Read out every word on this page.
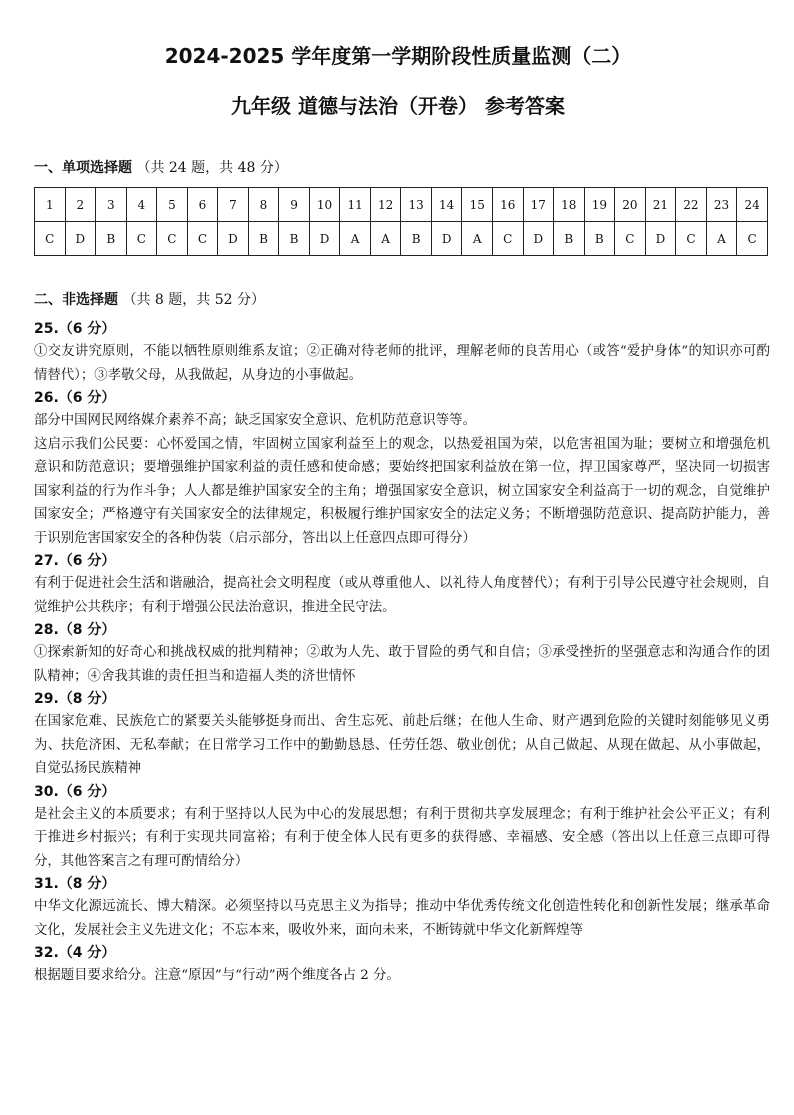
2024-2025 学年度第一学期阶段性质量监测（二）
九年级 道德与法治（开卷） 参考答案
一、单项选择题 （共 24 题，共 48 分）
1	2	3	4	5	6	7	8	9	10	11	12	13	14	15	16	17	18	19	20	21	22	23	24
C	D	B	C	C	C	D	B	B	D	A	A	B	D	A	C	D	B	B	C	D	C	A	C
二、非选择题 （共 8 题，共 52 分）
25.（6 分）

①交友讲究原则，不能以牺牲原则维系友谊；②正确对待老师的批评，理解老师的良苦用心（或答“爱护身体”的知识亦可酌情替代）；③孝敬父母，从我做起，从身边的小事做起。

26.（6 分）

部分中国网民网络媒介素养不高；缺乏国家安全意识、危机防范意识等等。

这启示我们公民要：心怀爱国之情，牢固树立国家利益至上的观念，以热爱祖国为荣，以危害祖国为耻；要树立和增强危机意识和防范意识；要增强维护国家利益的责任感和使命感；要始终把国家利益放在第一位，捍卫国家尊严，坚决同一切损害国家利益的行为作斗争；人人都是维护国家安全的主角；增强国家安全意识，树立国家安全利益高于一切的观念，自觉维护国家安全；严格遵守有关国家安全的法律规定，积极履行维护国家安全的法定义务；不断增强防范意识、提高防护能力，善于识别危害国家安全的各种伪装（启示部分，答出以上任意四点即可得分）

27.（6 分）

有利于促进社会生活和谐融洽，提高社会文明程度（或从尊重他人、以礼待人角度替代）；有利于引导公民遵守社会规则，自觉维护公共秩序；有利于增强公民法治意识，推进全民守法。

28.（8 分）

①探索新知的好奇心和挑战权威的批判精神；②敢为人先、敢于冒险的勇气和自信；③承受挫折的坚强意志和沟通合作的团队精神；④舍我其谁的责任担当和造福人类的济世情怀

29.（8 分）

在国家危难、民族危亡的紧要关头能够挺身而出、舍生忘死、前赴后继；在他人生命、财产遇到危险的关键时刻能够见义勇为、扶危济困、无私奉献；在日常学习工作中的勤勤恳恳、任劳任怨、敬业创优；从自己做起、从现在做起、从小事做起，自觉弘扬民族精神

30.（6 分）

是社会主义的本质要求；有利于坚持以人民为中心的发展思想；有利于贯彻共享发展理念；有利于维护社会公平正义；有利于推进乡村振兴；有利于实现共同富裕；有利于使全体人民有更多的获得感、幸福感、安全感（答出以上任意三点即可得分，其他答案言之有理可酌情给分）

31.（8 分）

中华文化源远流长、博大精深。必须坚持以马克思主义为指导；推动中华优秀传统文化创造性转化和创新性发展；继承革命文化，发展社会主义先进文化；不忘本来，吸收外来，面向未来，不断铸就中华文化新辉煌等

32.（4 分）

根据题目要求给分。注意“原因”与“行动”两个维度各占 2 分。
